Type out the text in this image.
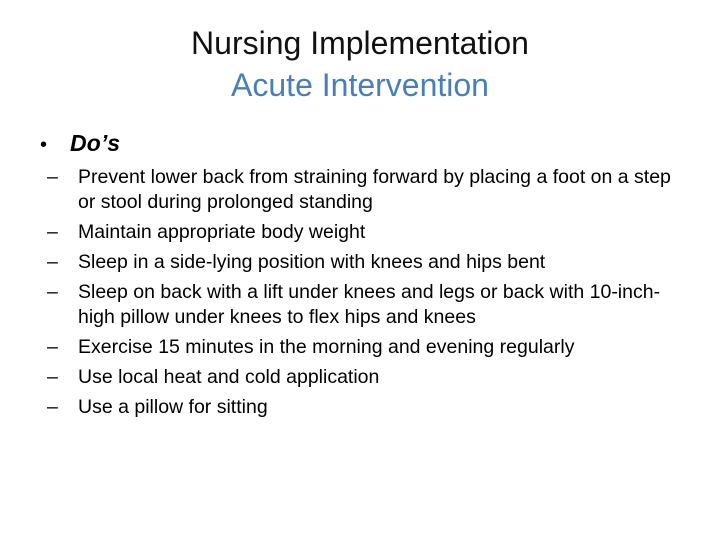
Nursing Implementation
Acute Intervention
• Do’s
–	Prevent lower back from straining forward by placing a foot on a step or stool during prolonged standing
–	Maintain appropriate body weight
–	Sleep in a side-lying position with knees and hips bent
–	Sleep on back with a lift under knees and legs or back with 10-inch-high pillow under knees to flex hips and knees
–	Exercise 15 minutes in the morning and evening regularly
–	Use local heat and cold application
–	Use a pillow for sitting
